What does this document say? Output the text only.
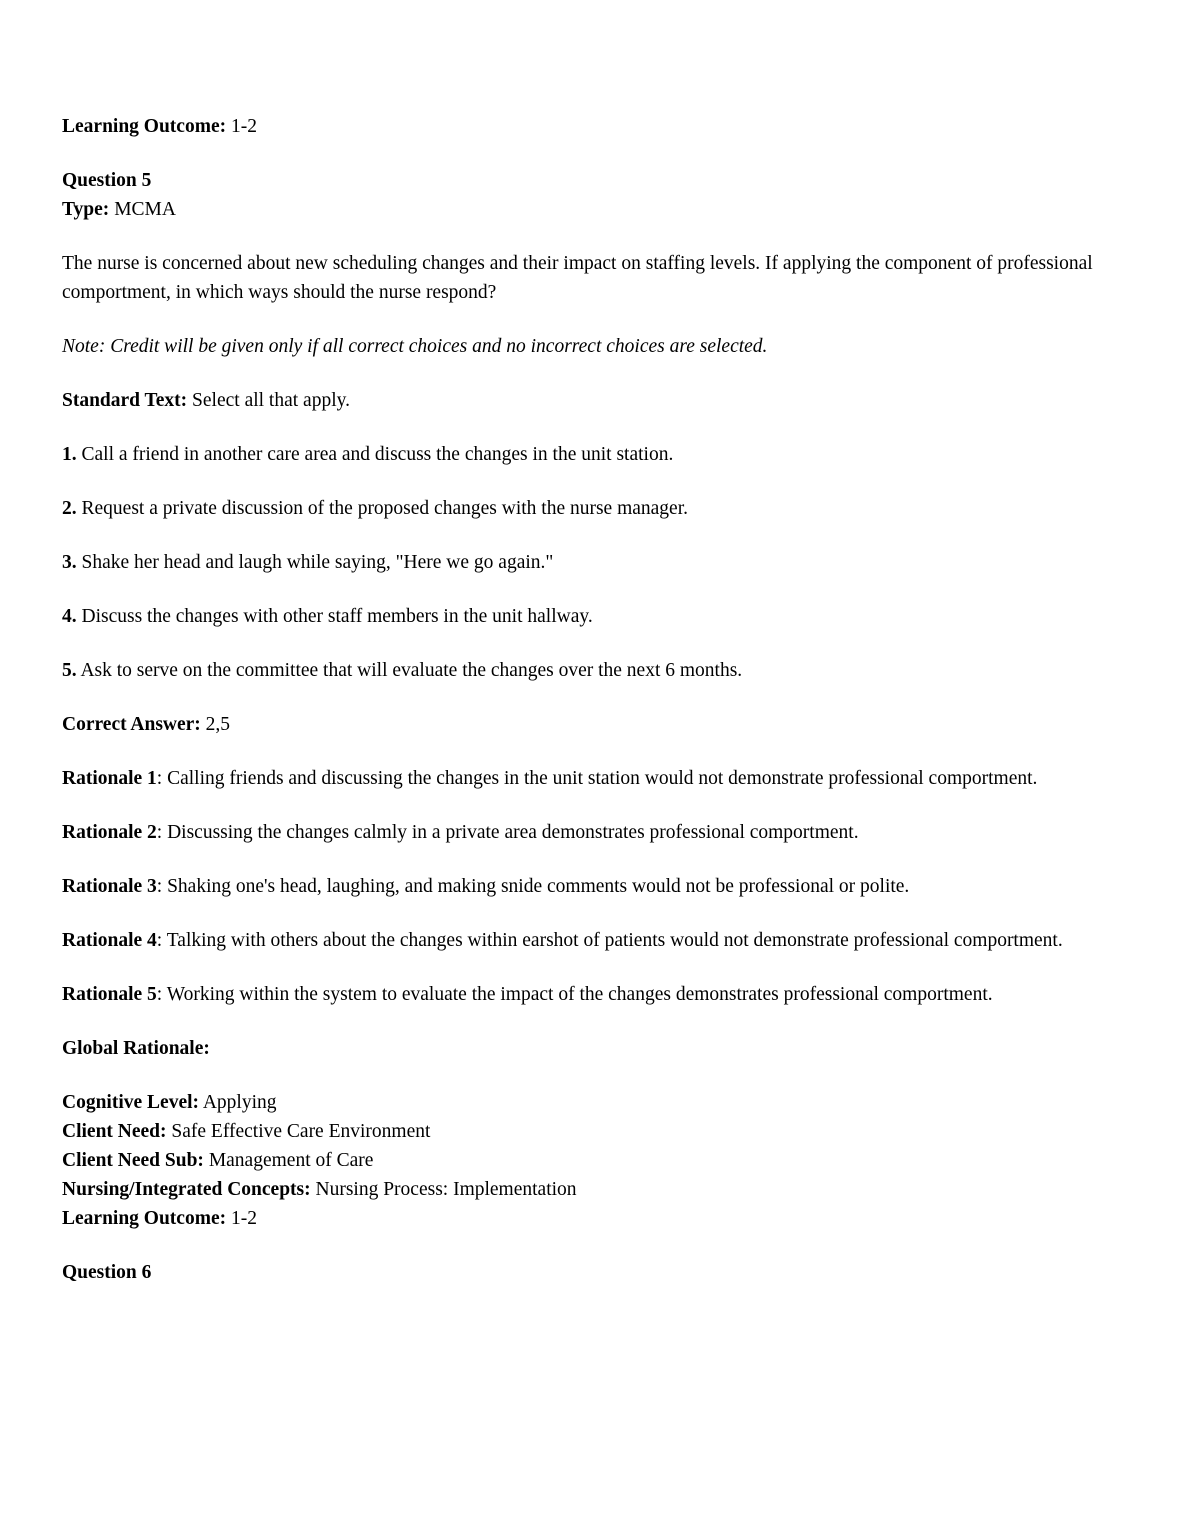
Learning Outcome: 1-2

Question 5
Type: MCMA

The nurse is concerned about new scheduling changes and their impact on staffing levels. If applying the component of professional comportment, in which ways should the nurse respond?

Note: Credit will be given only if all correct choices and no incorrect choices are selected.

Standard Text: Select all that apply.

1. Call a friend in another care area and discuss the changes in the unit station.

2. Request a private discussion of the proposed changes with the nurse manager.

3. Shake her head and laugh while saying, "Here we go again."

4. Discuss the changes with other staff members in the unit hallway.

5. Ask to serve on the committee that will evaluate the changes over the next 6 months.

Correct Answer: 2,5

Rationale 1: Calling friends and discussing the changes in the unit station would not demonstrate professional comportment.

Rationale 2: Discussing the changes calmly in a private area demonstrates professional comportment.

Rationale 3: Shaking one's head, laughing, and making snide comments would not be professional or polite.

Rationale 4: Talking with others about the changes within earshot of patients would not demonstrate professional comportment.

Rationale 5: Working within the system to evaluate the impact of the changes demonstrates professional comportment.

Global Rationale:

Cognitive Level: Applying
Client Need: Safe Effective Care Environment
Client Need Sub: Management of Care
Nursing/Integrated Concepts: Nursing Process: Implementation
Learning Outcome: 1-2

Question 6
